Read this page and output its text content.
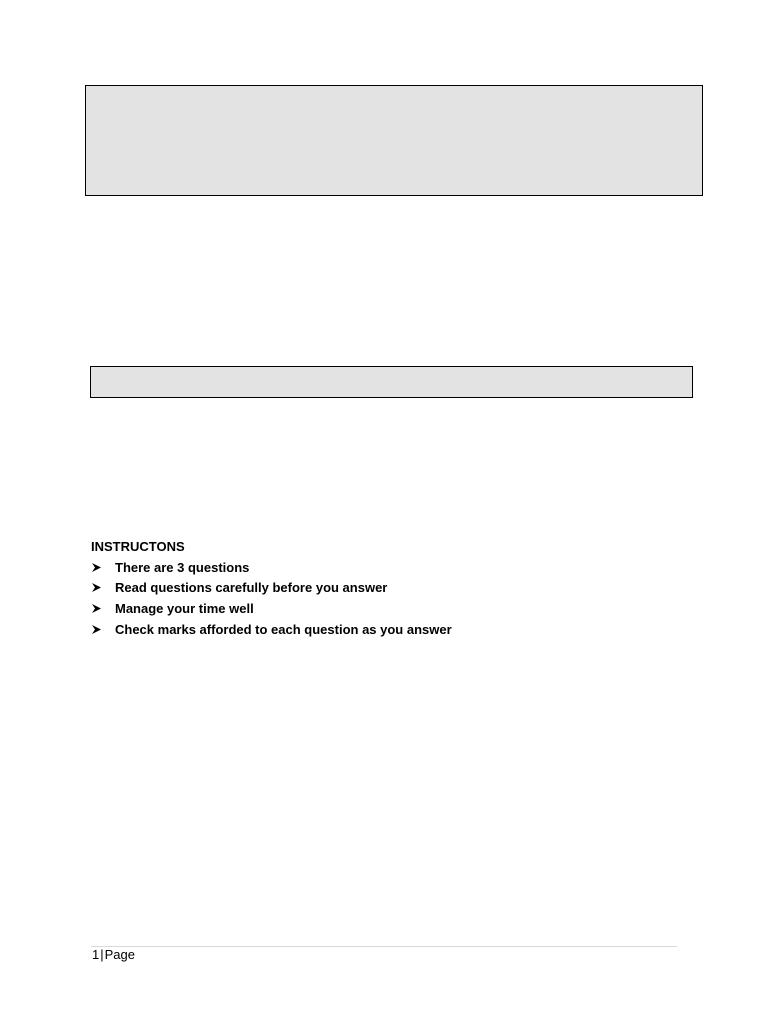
INSTRUCTONS

There are 3 questions
Read questions carefully before you answer
Manage your time well
Check marks afforded to each question as you answer
1 | Page
